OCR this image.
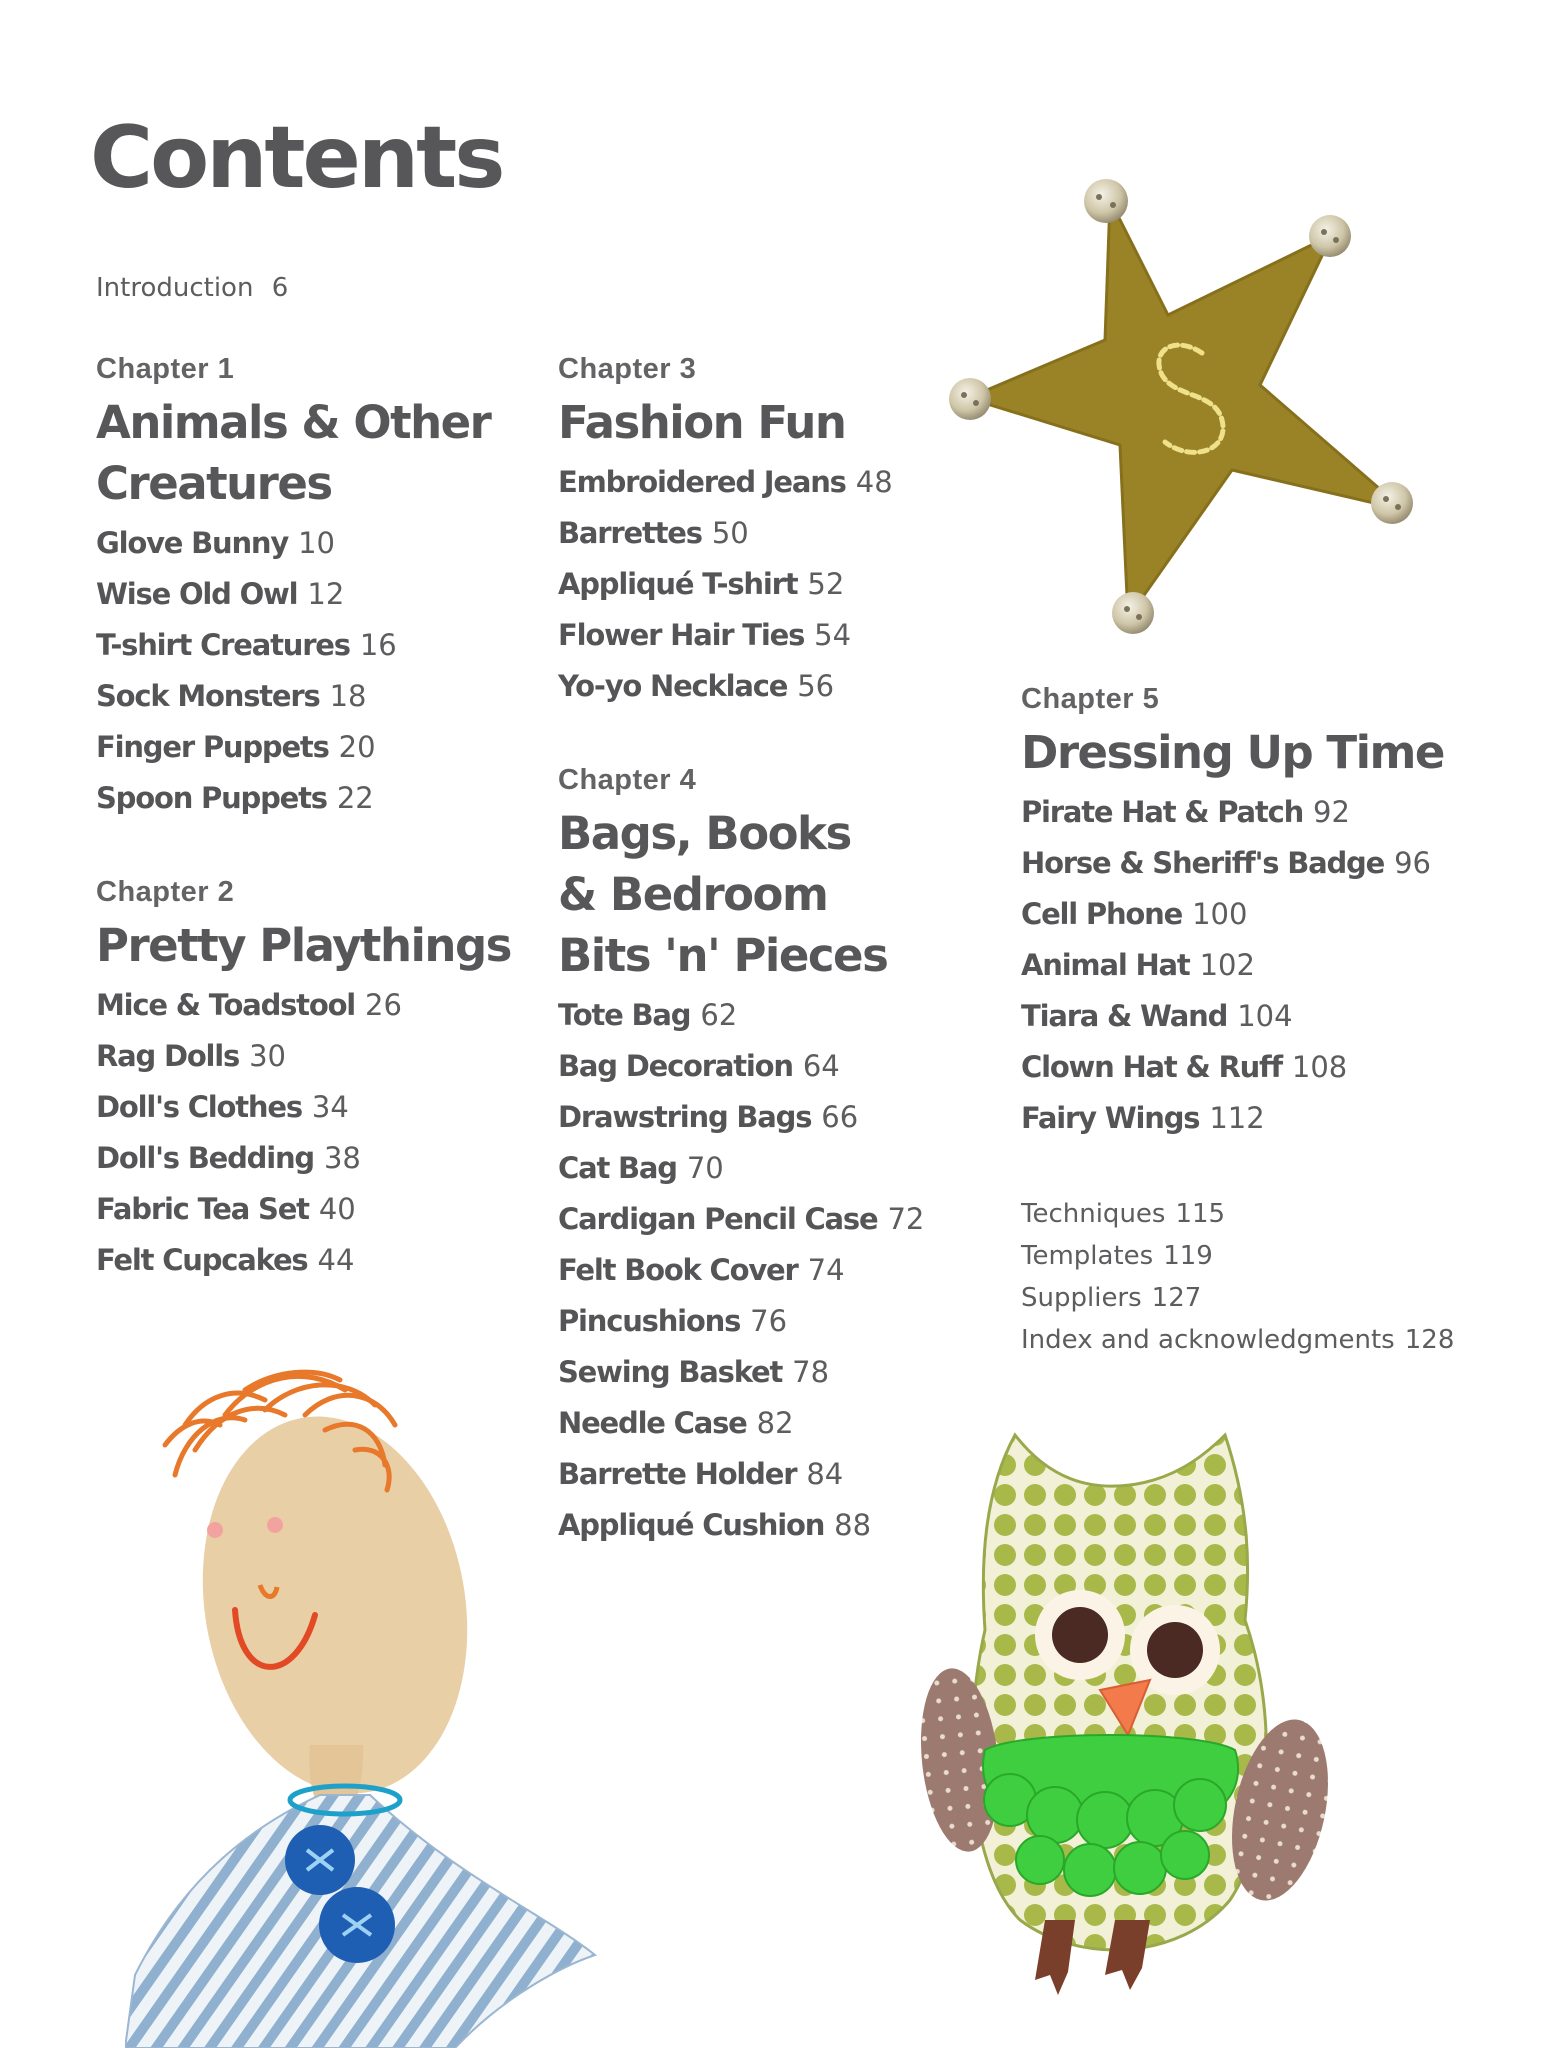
Contents
Introduction 6
Chapter 1
Animals & Other
Creatures
Glove Bunny 10
Wise Old Owl 12
T-shirt Creatures 16
Sock Monsters 18
Finger Puppets 20
Spoon Puppets 22
Chapter 2
Pretty Playthings
Mice & Toadstool 26
Rag Dolls 30
Doll's Clothes 34
Doll's Bedding 38
Fabric Tea Set 40
Felt Cupcakes 44
Chapter 3
Fashion Fun
Embroidered Jeans 48
Barrettes 50
Appliqué T-shirt 52
Flower Hair Ties 54
Yo-yo Necklace 56
Chapter 4
Bags, Books
& Bedroom
Bits 'n' Pieces
Tote Bag 62
Bag Decoration 64
Drawstring Bags 66
Cat Bag 70
Cardigan Pencil Case 72
Felt Book Cover 74
Pincushions 76
Sewing Basket 78
Needle Case 82
Barrette Holder 84
Appliqué Cushion 88
Chapter 5
Dressing Up Time
Pirate Hat & Patch 92
Horse & Sheriff's Badge 96
Cell Phone 100
Animal Hat 102
Tiara & Wand 104
Clown Hat & Ruff 108
Fairy Wings 112
Techniques 115
Templates 119
Suppliers 127
Index and acknowledgments 128
